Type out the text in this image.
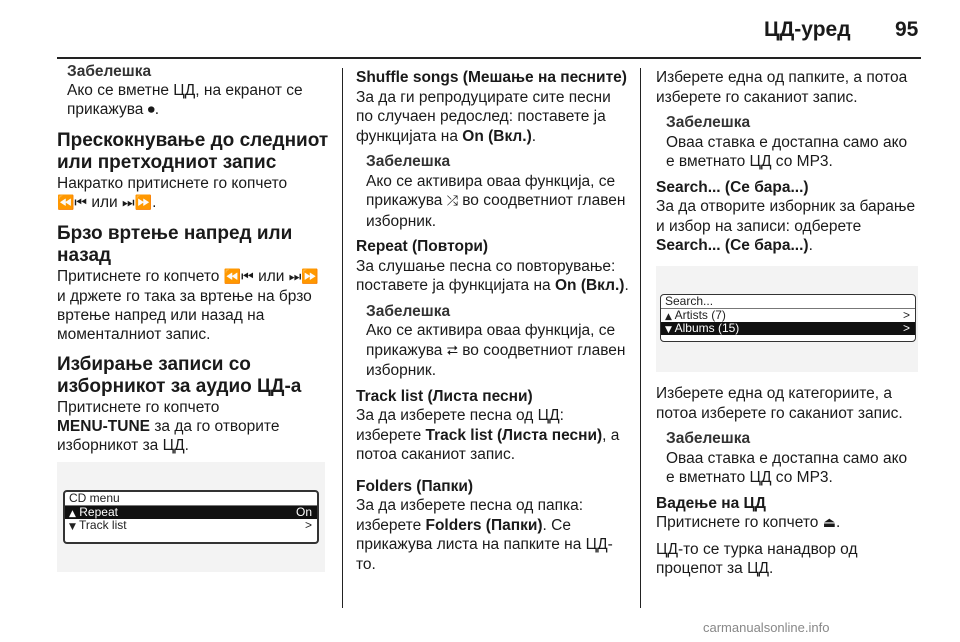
ЦД-уред 95
Забелешка
Ако се вметне ЦД, на екранот се прикажува ⏺.
Прескокнување до следниот или претходниот запис

Накратко притиснете го копчето
⏪⏮ или ⏭⏩.

Брзо вртење напред или назад

Притиснете го копчето ⏪⏮ или ⏭⏩ и држете го така за вртење на брзо вртење напред или назад на моменталниот запис.

Избирање записи со изборникот за аудио ЦД-а

Притиснете го копчето
MENU-TUNE за да го отворите изборникот за ЦД.

CD menu
▲ Repeat	On
▼ Track list	>

Shuffle songs (Мешање на песните)
За да ги репродуцирате сите песни по случаен редослед: поставете ја функцијата на On (Вкл.).

Забелешка
Ако се активира оваа функција, се прикажува ⤮ во соодветниот главен изборник.

Repeat (Повтори)
За слушање песна со повторување: поставете ја функцијата на On (Вкл.).

Забелешка
Ако се активира оваа функција, се прикажува ⮂ во соодветниот главен изборник.

Track list (Листа песни)
За да изберете песна од ЦД: изберете Track list (Листа песни), а потоа саканиот запис.

Folders (Папки)
За да изберете песна од папка: изберете Folders (Папки). Се прикажува листа на папките на ЦД-то.

Изберете една од папките, а потоа изберете го саканиот запис.

Забелешка
Оваа ставка е достапна само ако е вметнато ЦД со MP3.

Search... (Се бара...)
За да отворите изборник за барање и избор на записи: одберете Search... (Се бара...).

Search...
▲ Artists (7)	>
▼ Albums (15)	>

Изберете една од категориите, а потоа изберете го саканиот запис.

Забелешка
Оваа ставка е достапна само ако е вметнато ЦД со MP3.

Вадење на ЦД
Притиснете го копчето ⏏.

ЦД-то се турка нанадвор од процепот за ЦД.

carmanualsonline.info
